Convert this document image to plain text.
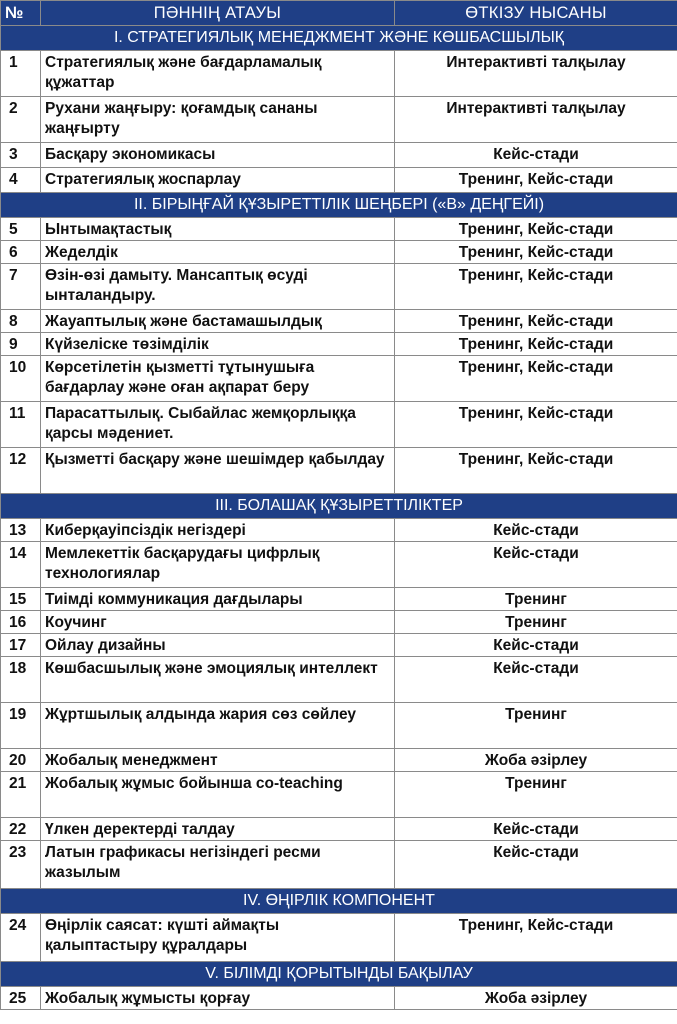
№	ПӘННІҢ АТАУЫ	ӨТКІЗУ НЫСАНЫ
I. СТРАТЕГИЯЛЫҚ МЕНЕДЖМЕНТ ЖӘНЕ КӨШБАСШЫЛЫҚ		
1	Стратегиялық және бағдарламалық құжаттар	Интерактивті талқылау
2	Рухани жаңғыру: қоғамдық сананы жаңғырту	Интерактивті талқылау
3	Басқару экономикасы	Кейс-стади
4	Стратегиялық жоспарлау	Тренинг, Кейс-стади
II. БІРЫҢҒАЙ ҚҰЗЫРЕТТІЛІК ШЕҢБЕРІ («В» ДЕҢГЕЙІ)		
5	Ынтымақтастық	Тренинг, Кейс-стади
6	Жеделдік	Тренинг, Кейс-стади
7	Өзін-өзі дамыту. Мансаптық өсуді ынталандыру.	Тренинг, Кейс-стади
8	Жауаптылық және бастамашылдық	Тренинг, Кейс-стади
9	Күйзеліске төзімділік	Тренинг, Кейс-стади
10	Көрсетілетін қызметті тұтынушыға бағдарлау және оған ақпарат беру	Тренинг, Кейс-стади
11	Парасаттылық. Сыбайлас жемқорлыққа қарсы мәдениет.	Тренинг, Кейс-стади
12	Қызметті басқару және шешімдер қабылдау	Тренинг, Кейс-стади
III. БОЛАШАҚ ҚҰЗЫРЕТТІЛІКТЕР		
13	Киберқауіпсіздік негіздері	Кейс-стади
14	Мемлекеттік басқарудағы цифрлық технологиялар	Кейс-стади
15	Тиімді коммуникация дағдылары	Тренинг
16	Коучинг	Тренинг
17	Ойлау дизайны	Кейс-стади
18	Көшбасшылық және эмоциялық интеллект	Кейс-стади
19	Жұртшылық алдында жария сөз сөйлеу	Тренинг
20	Жобалық менеджмент	Жоба әзірлеу
21	Жобалық жұмыс бойынша co-teaching	Тренинг
22	Үлкен деректерді талдау	Кейс-стади
23	Латын графикасы негізіндегі ресми жазылым	Кейс-стади
IV. ӨҢІРЛІК КОМПОНЕНТ		
24	Өңірлік саясат: күшті аймақты қалыптастыру құралдары	Тренинг, Кейс-стади
V. БІЛІМДІ ҚОРЫТЫНДЫ БАҚЫЛАУ		
25	Жобалық жұмысты қорғау	Жоба әзірлеу
